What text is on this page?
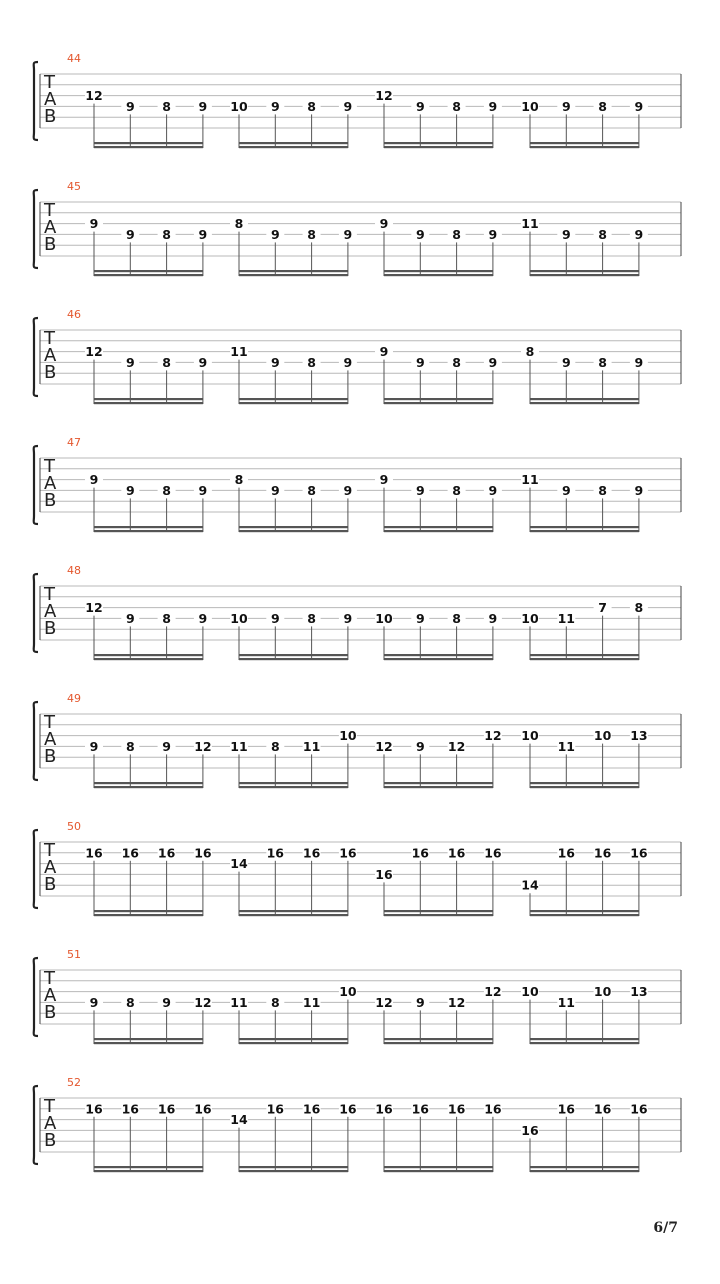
44
T
A
B
12
9 8 9 10 9 8 9
12
9 8 9 10 9 8 9
45
T
A
B
9
9 8 9
8
9 8 9
9
9 8 9
11
9 8 9
46
T
A
B
12
9 8 9
11
9 8 9
9
9 8 9
8
9 8 9
47
T
A
B
9
9 8 9
8
9 8 9
9
9 8 9
11
9 8 9
48
T
A
B
12
9 8 9 10 9 8 9 10 9 8 9 10 11
7 8
49
T
A
B	9 8 9 12 11 8 11
10
12 9 12
12 10
11
10 13
50
T
A
B
16 16 16 16
14
16 16 16
16
16 16 16
14
16 16 16
51
T
A
B	9 8 9 12 11 8 11
10
12 9 12
12 10
11
10 13
52
T
A
B
16 16 16 16
14
16 16 16 16 16 16 16
16
16 16 16
6/7
